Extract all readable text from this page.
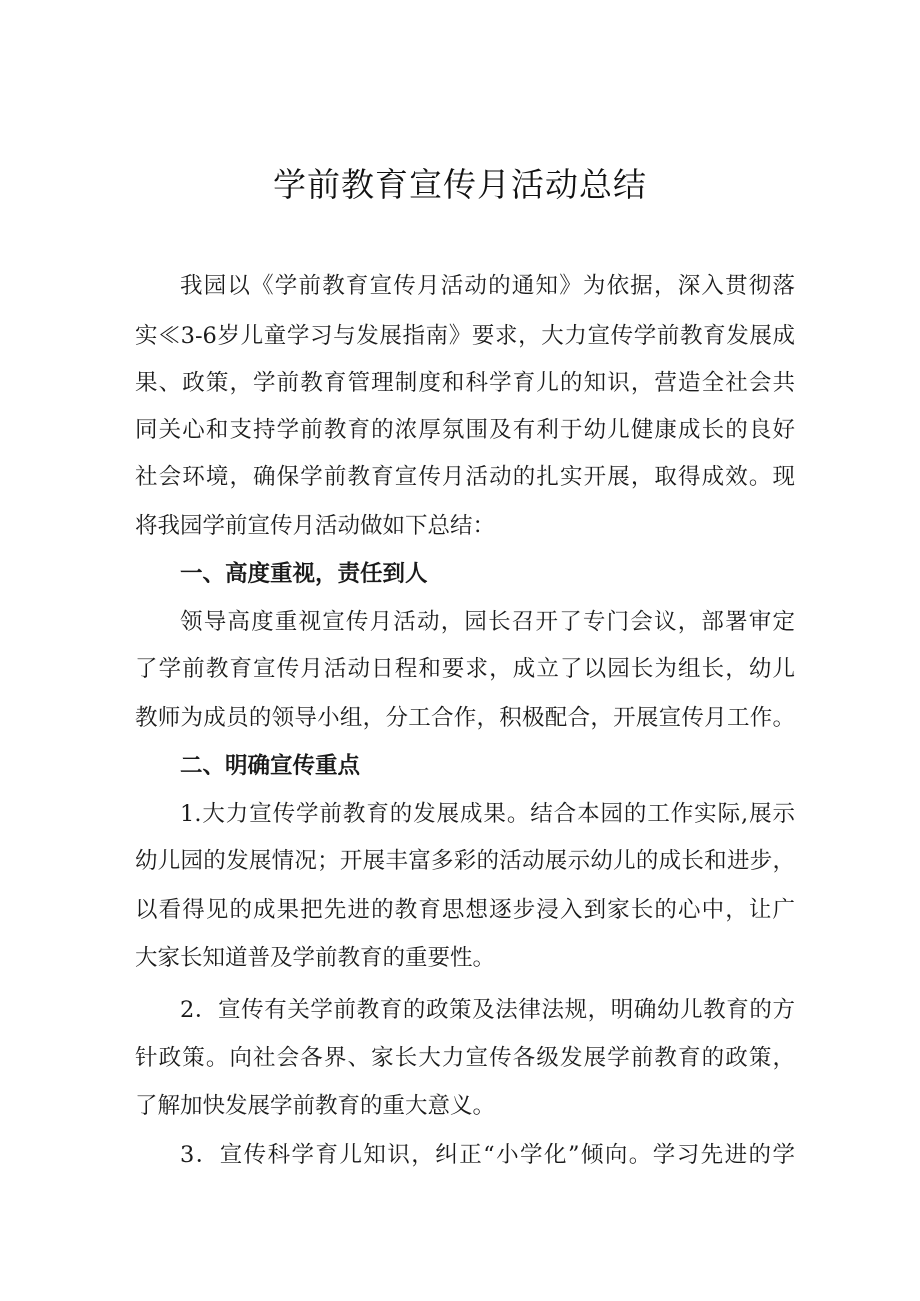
学前教育宣传月活动总结
我园以《学前教育宣传月活动的通知》为依据，深入贯彻落
实≪3-6岁儿童学习与发展指南》要求，大力宣传学前教育发展成
果、政策，学前教育管理制度和科学育儿的知识，营造全社会共
同关心和支持学前教育的浓厚氛围及有利于幼儿健康成长的良好
社会环境，确保学前教育宣传月活动的扎实开展，取得成效。现
将我园学前宣传月活动做如下总结：
一、高度重视，责任到人
领导高度重视宣传月活动，园长召开了专门会议，部署审定
了学前教育宣传月活动日程和要求，成立了以园长为组长，幼儿
教师为成员的领导小组，分工合作，积极配合，开展宣传月工作。
二、明确宣传重点
1.大力宣传学前教育的发展成果。结合本园的工作实际,展示
幼儿园的发展情况；开展丰富多彩的活动展示幼儿的成长和进步，
以看得见的成果把先进的教育思想逐步浸入到家长的心中，让广
大家长知道普及学前教育的重要性。
2．宣传有关学前教育的政策及法律法规，明确幼儿教育的方
针政策。向社会各界、家长大力宣传各级发展学前教育的政策，
了解加快发展学前教育的重大意义。
3．宣传科学育儿知识，纠正“小学化”倾向。学习先进的学
